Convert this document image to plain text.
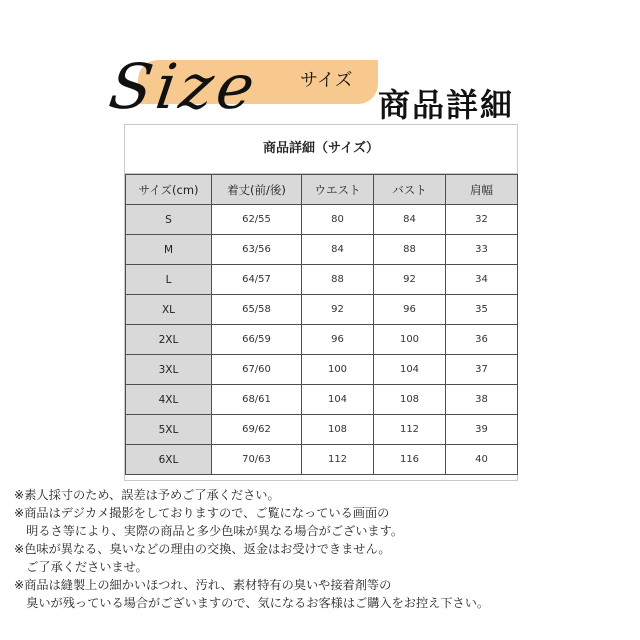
Size サイズ
商品詳細
商品詳細（サイズ）
サイズ(cm)	着丈(前/後)	ウエスト	バスト	肩幅
S	62/55	80	84	32
M	63/56	84	88	33
L	64/57	88	92	34
XL	65/58	92	96	35
2XL	66/59	96	100	36
3XL	67/60	100	104	37
4XL	68/61	104	108	38
5XL	69/62	108	112	39
6XL	70/63	112	116	40
※素人採寸のため、誤差は予めご了承ください。
※商品はデジカメ撮影をしておりますので、ご覧になっている画面の
　明るさ等により、実際の商品と多少色味が異なる場合がございます。
※色味が異なる、臭いなどの理由の交換、返金はお受けできません。
　ご了承くださいませ。
※商品は縫製上の細かいほつれ、汚れ、素材特有の臭いや接着剤等の
　臭いが残っている場合がございますので、気になるお客様はご購入をお控え下さい。
